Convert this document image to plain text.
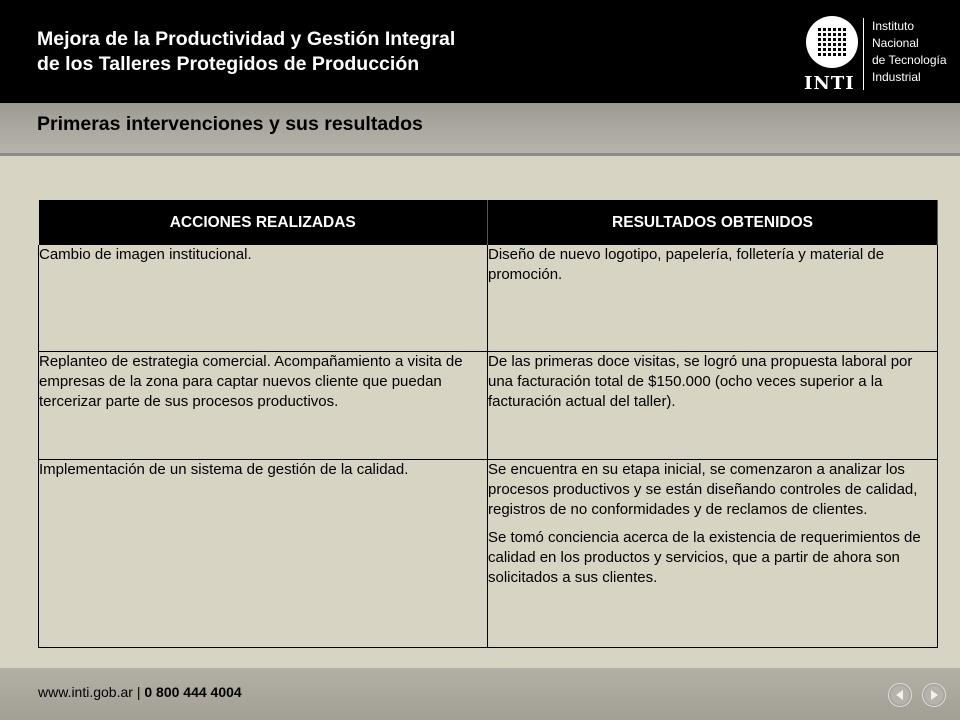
Mejora de la Productividad y Gestión Integral
de los Talleres Protegidos de Producción
INTI
Instituto
Nacional
de Tecnología
Industrial
Primeras intervenciones y sus resultados
ACCIONES REALIZADAS	RESULTADOS OBTENIDOS

Cambio de imagen institucional.	Diseño de nuevo logotipo, papelería, folletería y material de promoción.

Replanteo de estrategia comercial. Acompañamiento a visita de empresas de la zona para captar nuevos cliente que puedan tercerizar parte de sus procesos productivos.	De las primeras doce visitas, se logró una propuesta laboral por una facturación total de $150.000 (ocho veces superior a la facturación actual del taller).

Implementación de un sistema de gestión de la calidad.	Se encuentra en su etapa inicial, se comenzaron a analizar los procesos productivos y se están diseñando controles de calidad, registros de no conformidades y de reclamos de clientes.
Se tomó conciencia acerca de la existencia de requerimientos de calidad en los productos y servicios, que a partir de ahora son solicitados a sus clientes.
www.inti.gob.ar | 0 800 444 4004
